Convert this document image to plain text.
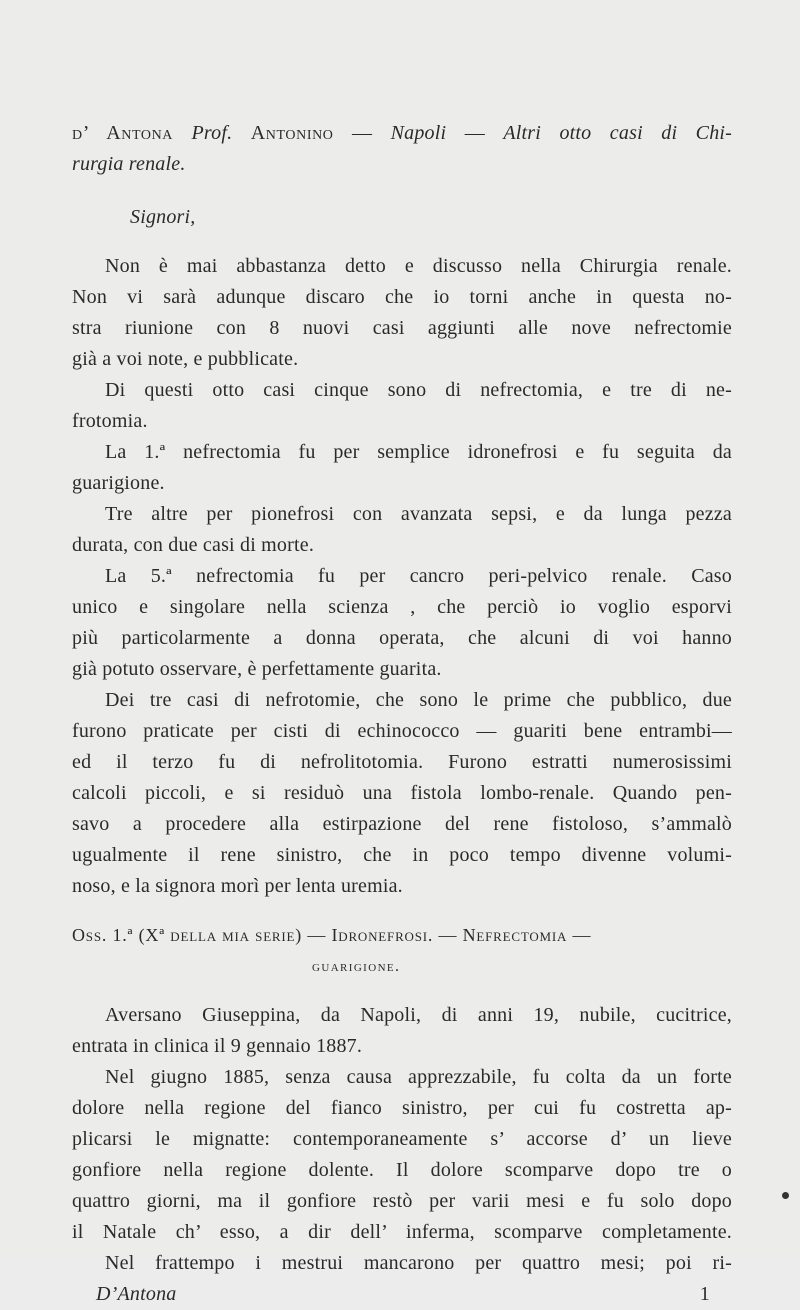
d’ Antona Prof. Antonino — Napoli — Altri otto casi di Chi-
rurgia renale.
Signori,
Non è mai abbastanza detto e discusso nella Chirurgia renale.
Non vi sarà adunque discaro che io torni anche in questa no-
stra riunione con 8 nuovi casi aggiunti alle nove nefrectomie
già a voi note, e pubblicate.
Di questi otto casi cinque sono di nefrectomia, e tre di ne-
frotomia.
La 1.ª nefrectomia fu per semplice idronefrosi e fu seguita da
guarigione.
Tre altre per pionefrosi con avanzata sepsi, e da lunga pezza
durata, con due casi di morte.
La 5.ª nefrectomia fu per cancro peri-pelvico renale. Caso
unico e singolare nella scienza , che perciò io voglio esporvi
più particolarmente a donna operata, che alcuni di voi hanno
già potuto osservare, è perfettamente guarita.
Dei tre casi di nefrotomie, che sono le prime che pubblico, due
furono praticate per cisti di echinococco — guariti bene entrambi—
ed il terzo fu di nefrolitotomia. Furono estratti numerosissimi
calcoli piccoli, e si residuò una fistola lombo-renale. Quando pen-
savo a procedere alla estirpazione del rene fistoloso, s’ammalò
ugualmente il rene sinistro, che in poco tempo divenne volumi-
noso, e la signora morì per lenta uremia.
Oss. 1.ª (Xª della mia serie) — Idronefrosi. — Nefrectomia —
guarigione.
Aversano Giuseppina, da Napoli, di anni 19, nubile, cucitrice,
entrata in clinica il 9 gennaio 1887.
Nel giugno 1885, senza causa apprezzabile, fu colta da un forte
dolore nella regione del fianco sinistro, per cui fu costretta ap-
plicarsi le mignatte: contemporaneamente s’ accorse d’ un lieve
gonfiore nella regione dolente. Il dolore scomparve dopo tre o
quattro giorni, ma il gonfiore restò per varii mesi e fu solo dopo
il Natale ch’ esso, a dir dell’ inferma, scomparve completamente.
Nel frattempo i mestrui mancarono per quattro mesi; poi ri-
D’Antona	1
